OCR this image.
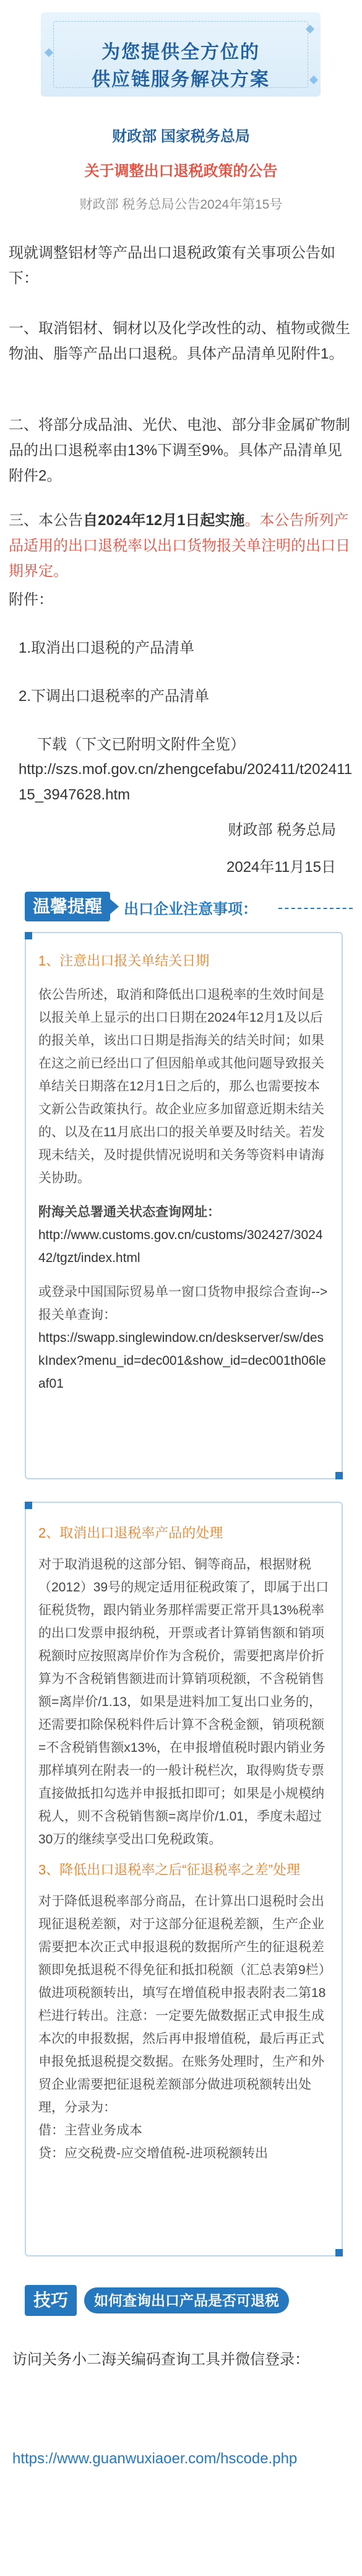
为您提供全方位的
供应链服务解决方案
财政部 国家税务总局
关于调整出口退税政策的公告
财政部 税务总局公告2024年第15号
现就调整铝材等产品出口退税政策有关事项公告如下：
一、取消铝材、铜材以及化学改性的动、植物或微生物油、脂等产品出口退税。具体产品清单见附件1。
二、将部分成品油、光伏、电池、部分非金属矿物制品的出口退税率由13%下调至9%。具体产品清单见附件2。
三、本公告自2024年12月1日起实施。本公告所列产品适用的出口退税率以出口货物报关单注明的出口日期界定。
附件：
1.取消出口退税的产品清单
2.下调出口退税率的产品清单
下载（下文已附明文附件全览）
http://szs.mof.gov.cn/zhengcefabu/202411/t20241115_3947628.htm
财政部 税务总局
2024年11月15日
温馨提醒	出口企业注意事项：
1、注意出口报关单结关日期
依公告所述，取消和降低出口退税率的生效时间是以报关单上显示的出口日期在2024年12月1及以后的报关单，该出口日期是指海关的结关时间；如果在这之前已经出口了但因船单或其他问题导致报关单结关日期落在12月1日之后的，那么也需要按本文新公告政策执行。故企业应多加留意近期未结关的、以及在11月底出口的报关单要及时结关。若发现未结关，及时提供情况说明和关务等资料申请海关协助。
附海关总署通关状态查询网址：
http://www.customs.gov.cn/customs/302427/302442/tgzt/index.html
或登录中国国际贸易单一窗口货物申报综合查询-->报关单查询：
https://swapp.singlewindow.cn/deskserver/sw/deskIndex?menu_id=dec001&show_id=dec001th06leaf01
2、取消出口退税率产品的处理
对于取消退税的这部分铝、铜等商品，根据财税（2012）39号的规定适用征税政策了，即属于出口征税货物，跟内销业务那样需要正常开具13%税率的出口发票申报纳税，开票或者计算销售额和销项税额时应按照离岸价作为含税价，需要把离岸价折算为不含税销售额进而计算销项税额，不含税销售额=离岸价/1.13，如果是进料加工复出口业务的，还需要扣除保税料件后计算不含税金额，销项税额=不含税销售额x13%，在申报增值税时跟内销业务那样填列在附表一的一般计税栏次，取得购货专票直接做抵扣勾选并申报抵扣即可；如果是小规模纳税人，则不含税销售额=离岸价/1.01，季度未超过30万的继续享受出口免税政策。
3、降低出口退税率之后“征退税率之差”处理
对于降低退税率部分商品，在计算出口退税时会出现征退税差额，对于这部分征退税差额，生产企业需要把本次正式申报退税的数据所产生的征退税差额即免抵退税不得免征和抵扣税额（汇总表第9栏）做进项税额转出，填写在增值税申报表附表二第18栏进行转出。注意：一定要先做数据正式申报生成本次的申报数据，然后再申报增值税，最后再正式申报免抵退税提交数据。在账务处理时，生产和外贸企业需要把征退税差额部分做进项税额转出处理，分录为：
借：主营业务成本
贷：应交税费-应交增值税-进项税额转出
技巧	如何查询出口产品是否可退税
访问关务小二海关编码查询工具并微信登录：
https://www.guanwuxiaoer.com/hscode.php
